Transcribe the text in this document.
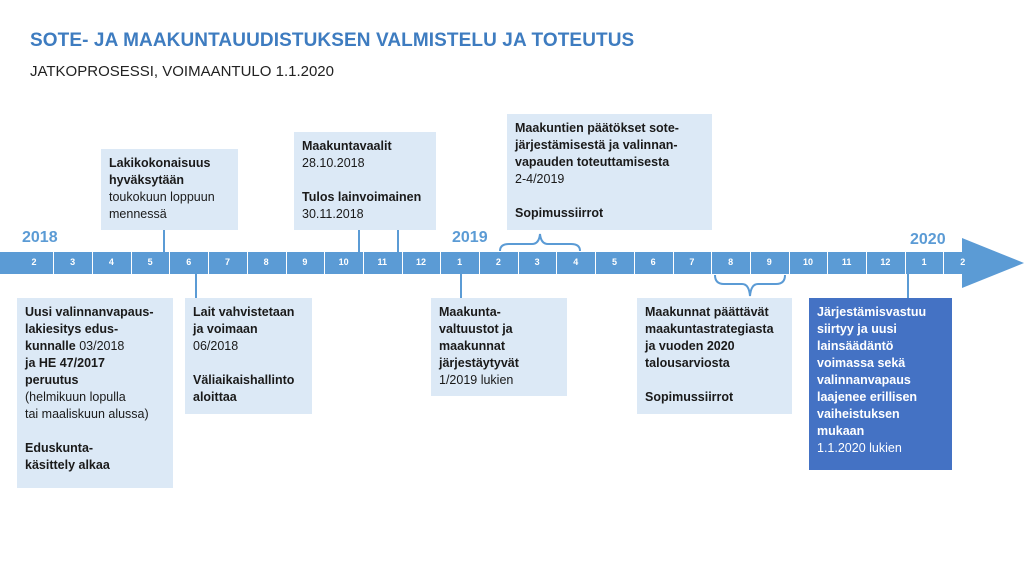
SOTE- JA MAAKUNTAUUDISTUKSEN VALMISTELU JA TOTEUTUS
JATKOPROSESSI, VOIMAANTULO 1.1.2020
2018	2019	2020
2	3	4	5	6	7	8	9	10	11	12	1	2	3	4	5	6	7	8	9	10	11	12	1	2

Lakikokonaisuus

hyväksytään

toukokuun loppuun

mennessä

Maakuntavaalit

28.10.2018

Tulos lainvoimainen

30.11.2018

Maakuntien päätökset sote-

järjestämisestä ja valinnan-

vapauden toteuttamisesta

2-4/2019

Sopimussiirrot

Uusi valinnanvapaus-

lakiesitys edus-

kunnalle 03/2018

ja HE 47/2017

peruutus

(helmikuun lopulla

tai maaliskuun alussa)

Eduskunta-

käsittely alkaa

Lait vahvistetaan

ja voimaan

06/2018

Väliaikaishallinto

aloittaa

Maakunta-

valtuustot ja

maakunnat

järjestäytyvät

1/2019 lukien

Maakunnat päättävät

maakuntastrategiasta

ja vuoden 2020

talousarviosta

Sopimussiirrot

Järjestämisvastuu

siirtyy ja uusi

lainsäädäntö

voimassa sekä

valinnanvapaus

laajenee erillisen

vaiheistuksen

mukaan

1.1.2020 lukien
